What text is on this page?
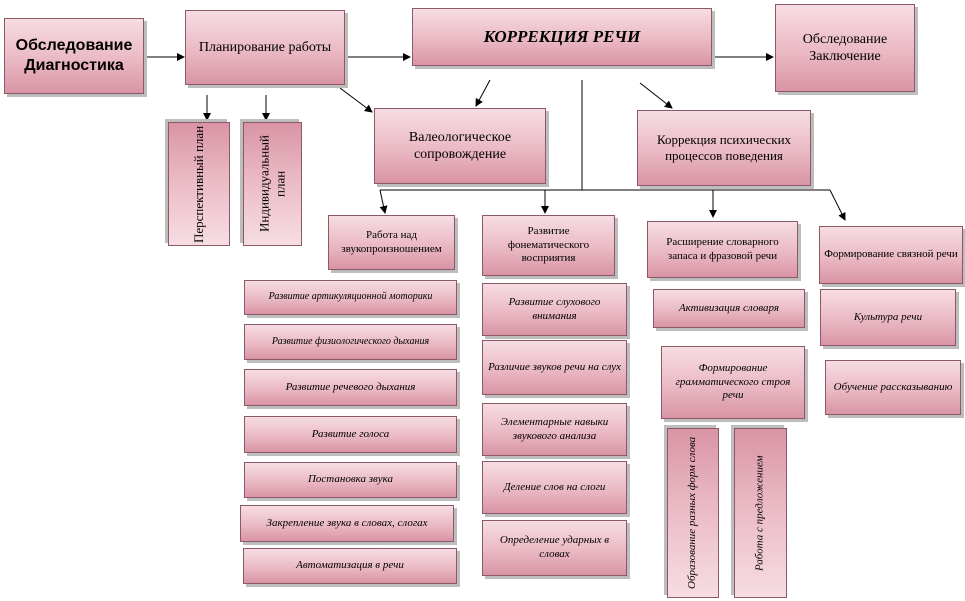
Обследование Диагностика
Планирование работы
КОРРЕКЦИЯ РЕЧИ	Обследование Заключение
Перспективный план	Индивидуальный план
Валеологическое сопровождение
Коррекция психических процессов поведения
Работа над звукопроизношением
Развитие фонематического восприятия
Расширение словарного запаса и фразовой речи	Формирование связной речи
Развитие артикуляционной моторики
Развитие физиологического дыхания
Развитие речевого дыхания
Развитие голоса
Постановка звука
Закрепление звука в словах, слогах
Автоматизация в речи
Развитие слухового внимания
Различие звуков речи на слух
Элементарные навыки звукового анализа
Деление слов на слоги
Определение ударных в словах
Активизация словаря
Формирование грамматического строя речи
Образование разных форм слова	Работа с предложением
Культура речи
Обучение рассказыванию
